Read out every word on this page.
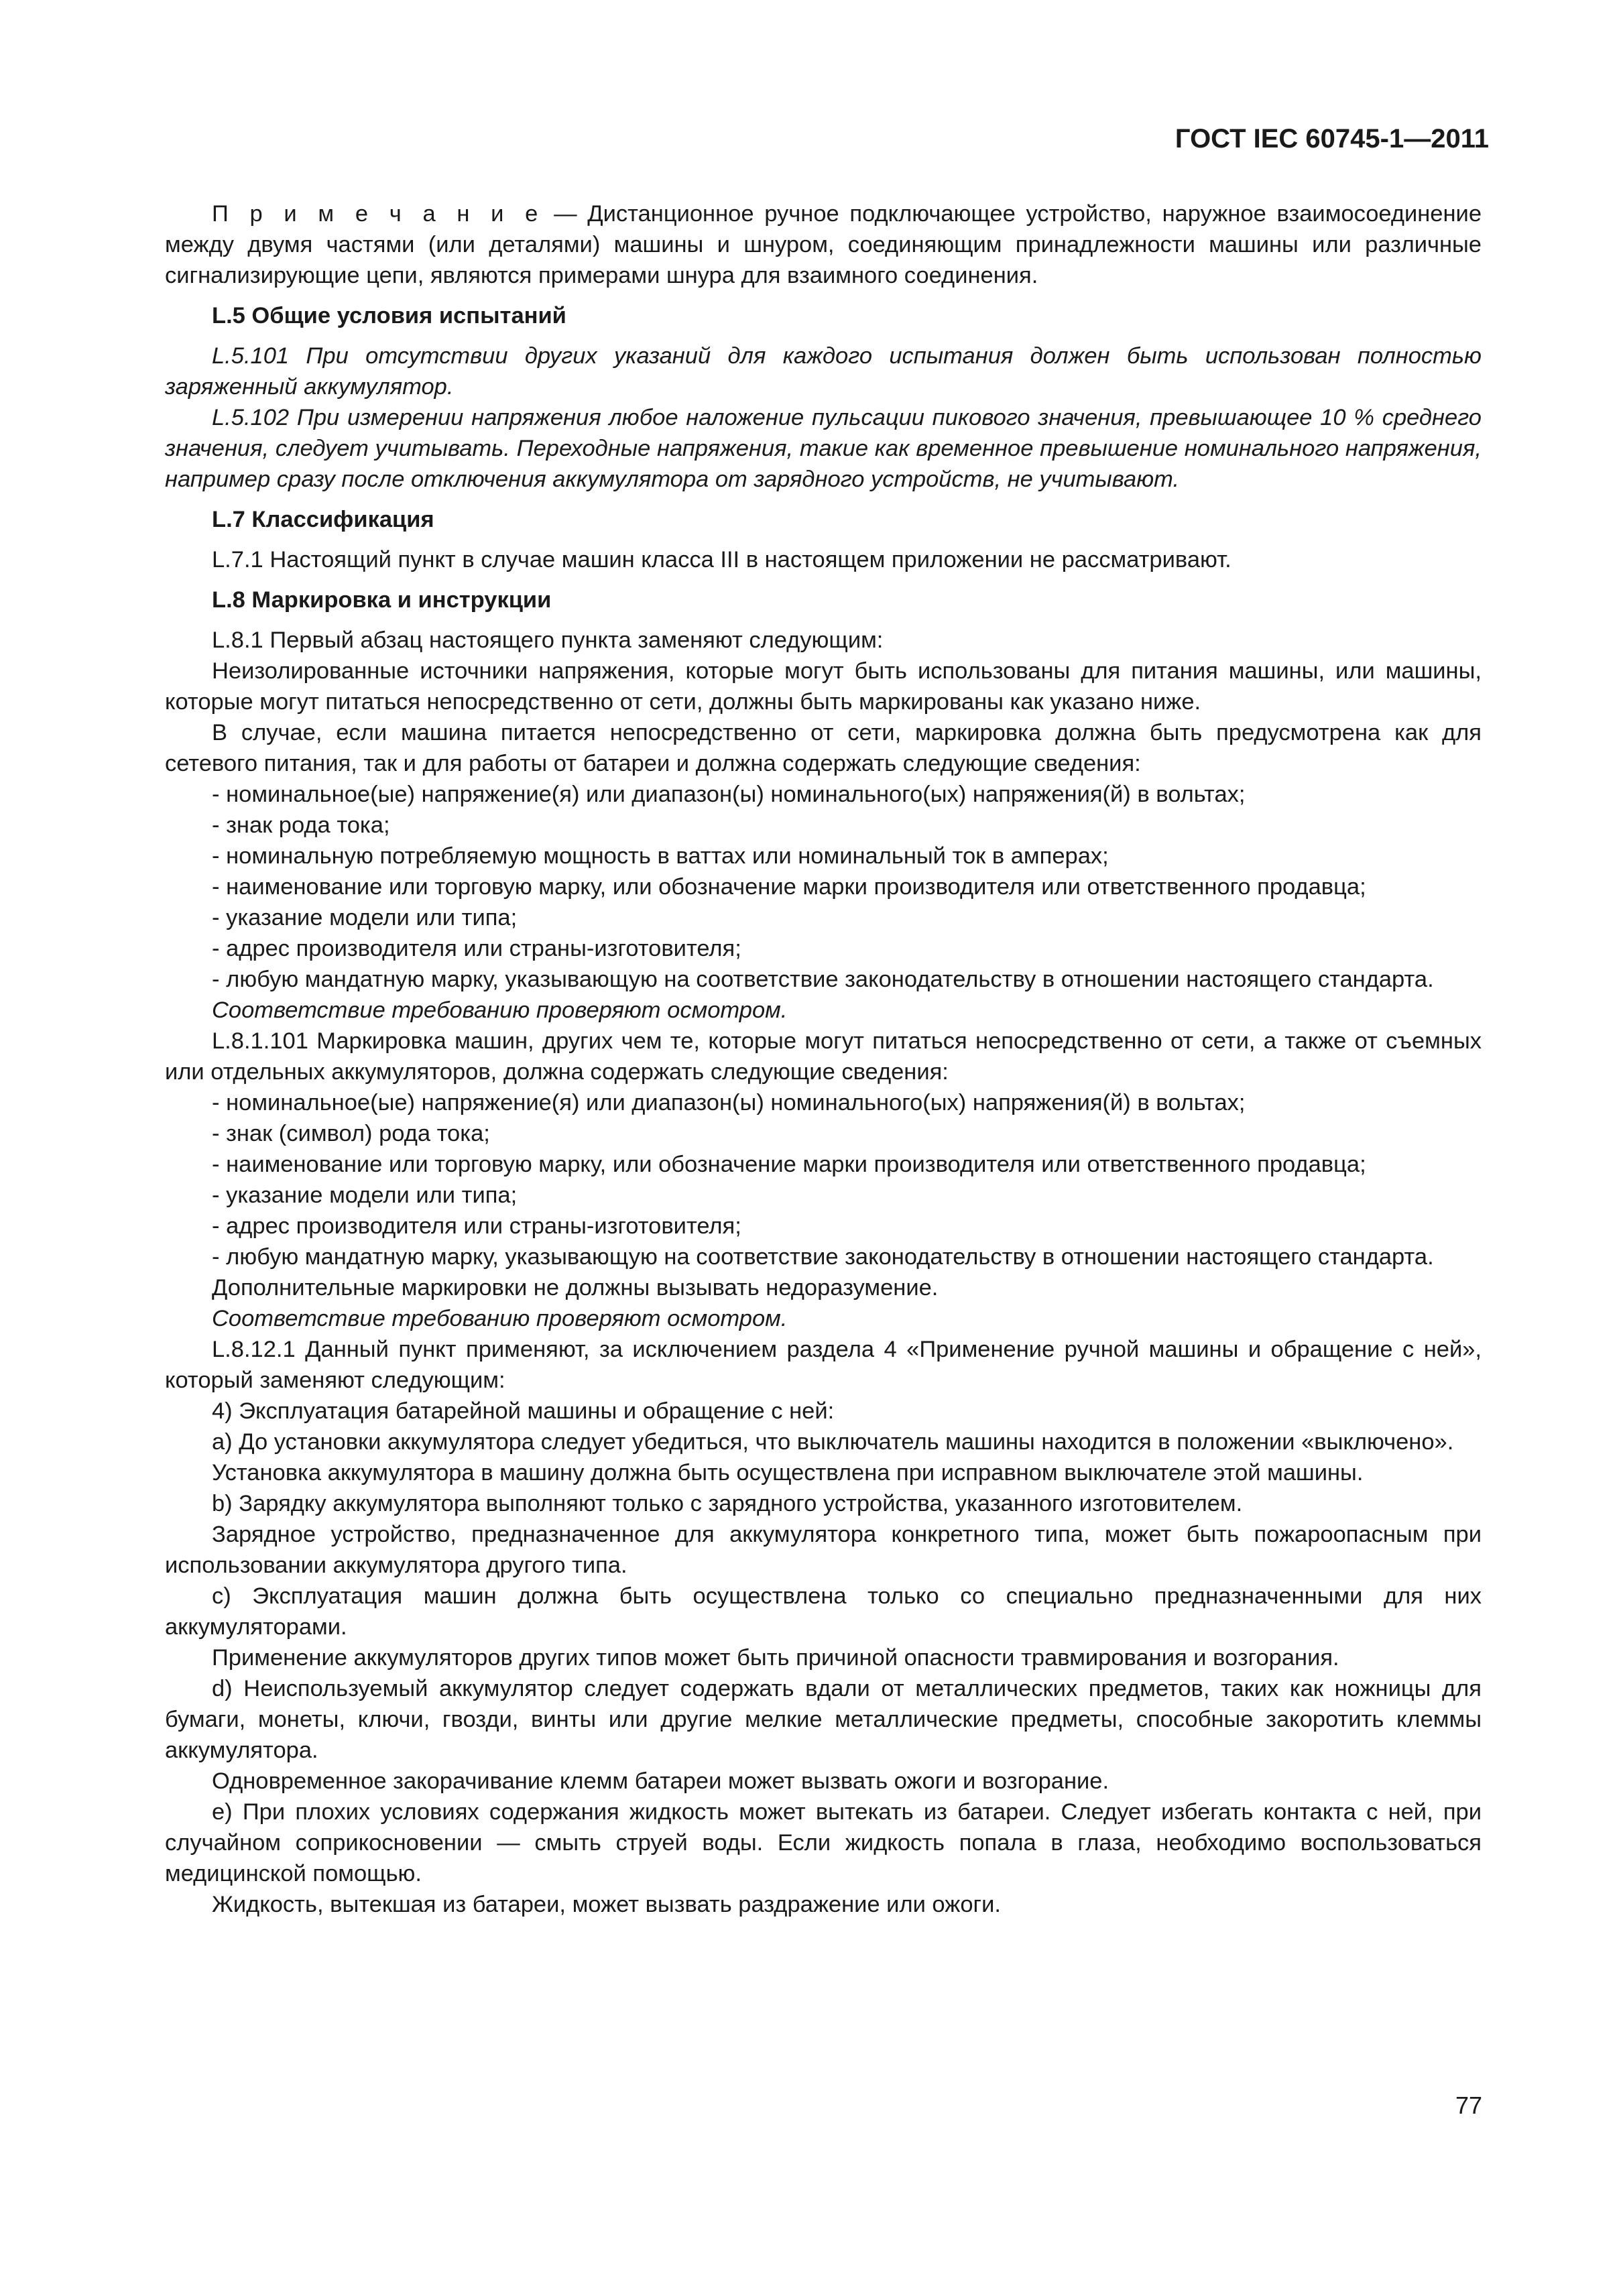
ГОСТ IEC 60745-1—2011

П р и м е ч а н и е — Дистанционное ручное подключающее устройство, наружное взаимосоединение между двумя частями (или деталями) машины и шнуром, соединяющим принадлежности машины или различные сигнализирующие цепи, являются примерами шнура для взаимного соединения.

L.5 Общие условия испытаний

L.5.101 При отсутствии других указаний для каждого испытания должен быть использован полностью заряженный аккумулятор.

L.5.102 При измерении напряжения любое наложение пульсации пикового значения, превышающее 10 % среднего значения, следует учитывать. Переходные напряжения, такие как временное превышение номинального напряжения, например сразу после отключения аккумулятора от зарядного устройств, не учитывают.

L.7 Классификация

L.7.1 Настоящий пункт в случае машин класса III в настоящем приложении не рассматривают.

L.8 Маркировка и инструкции

L.8.1 Первый абзац настоящего пункта заменяют следующим:

Неизолированные источники напряжения, которые могут быть использованы для питания машины, или машины, которые могут питаться непосредственно от сети, должны быть маркированы как указано ниже.

В случае, если машина питается непосредственно от сети, маркировка должна быть предусмотрена как для сетевого питания, так и для работы от батареи и должна содержать следующие сведения:

- номинальное(ые) напряжение(я) или диапазон(ы) номинального(ых) напряжения(й) в вольтах;

- знак рода тока;

- номинальную потребляемую мощность в ваттах или номинальный ток в амперах;

- наименование или торговую марку, или обозначение марки производителя или ответственного продавца;

- указание модели или типа;

- адрес производителя или страны-изготовителя;

- любую мандатную марку, указывающую на соответствие законодательству в отношении настоящего стандарта.

Соответствие требованию проверяют осмотром.

L.8.1.101 Маркировка машин, других чем те, которые могут питаться непосредственно от сети, а также от съемных или отдельных аккумуляторов, должна содержать следующие сведения:

- номинальное(ые) напряжение(я) или диапазон(ы) номинального(ых) напряжения(й) в вольтах;

- знак (символ) рода тока;

- наименование или торговую марку, или обозначение марки производителя или ответственного продавца;

- указание модели или типа;

- адрес производителя или страны-изготовителя;

- любую мандатную марку, указывающую на соответствие законодательству в отношении настоящего стандарта.

Дополнительные маркировки не должны вызывать недоразумение.

Соответствие требованию проверяют осмотром.

L.8.12.1 Данный пункт применяют, за исключением раздела 4 «Применение ручной машины и обращение с ней», который заменяют следующим:

4) Эксплуатация батарейной машины и обращение с ней:

a) До установки аккумулятора следует убедиться, что выключатель машины находится в положении «выключено».

Установка аккумулятора в машину должна быть осуществлена при исправном выключателе этой машины.

b) Зарядку аккумулятора выполняют только с зарядного устройства, указанного изготовителем.

Зарядное устройство, предназначенное для аккумулятора конкретного типа, может быть пожароопасным при использовании аккумулятора другого типа.

c) Эксплуатация машин должна быть осуществлена только со специально предназначенными для них аккумуляторами.

Применение аккумуляторов других типов может быть причиной опасности травмирования и возгорания.

d) Неиспользуемый аккумулятор следует содержать вдали от металлических предметов, таких как ножницы для бумаги, монеты, ключи, гвозди, винты или другие мелкие металлические предметы, способные закоротить клеммы аккумулятора.

Одновременное закорачивание клемм батареи может вызвать ожоги и возгорание.

e) При плохих условиях содержания жидкость может вытекать из батареи. Следует избегать контакта с ней, при случайном соприкосновении — смыть струей воды. Если жидкость попала в глаза, необходимо воспользоваться медицинской помощью.

Жидкость, вытекшая из батареи, может вызвать раздражение или ожоги.

77
